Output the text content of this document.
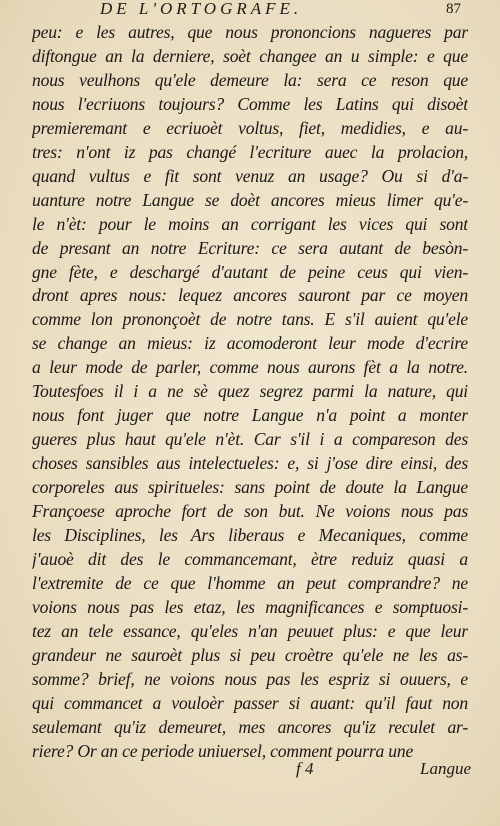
DE L'ORTOGRAFE.	87
peu: e les autres, que nous prononcions nagueres par
diftongue an la derniere, soèt changee an u simple: e que
nous veulhons qu'ele demeure la: sera ce reson que
nous l'ecriuons toujours? Comme les Latins qui disoèt
premieremant e ecriuoèt voltus, fiet, medidies, e au-
tres: n'ont iz pas changé l'ecriture auec la prolacion,
quand vultus e fit sont venuz an usage? Ou si d'a-
uanture notre Langue se doèt ancores mieus limer qu'e-
le n'èt: pour le moins an corrigant les vices qui sont
de presant an notre Ecriture: ce sera autant de besòn-
gne fète, e deschargé d'autant de peine ceus qui vien-
dront apres nous: lequez ancores sauront par ce moyen
comme lon prononçoèt de notre tans. E s'il auient qu'ele
se change an mieus: iz acomoderont leur mode d'ecrire
a leur mode de parler, comme nous aurons fèt a la notre.
Toutesfoes il i a ne sè quez segrez parmi la nature, qui
nous font juger que notre Langue n'a point a monter
gueres plus haut qu'ele n'èt. Car s'il i a compareson des
choses sansibles aus intelectueles: e, si j'ose dire einsi, des
corporeles aus spiritueles: sans point de doute la Langue
Françoese aproche fort de son but. Ne voions nous pas
les Disciplines, les Ars liberaus e Mecaniques, comme
j'auoè dit des le commancemant, ètre reduiz quasi a
l'extremite de ce que l'homme an peut comprandre? ne
voions nous pas les etaz, les magnificances e somptuosi-
tez an tele essance, qu'eles n'an peuuet plus: e que leur
grandeur ne sauroèt plus si peu croètre qu'ele ne les as-
somme? brief, ne voions nous pas les espriz si ouuers, e
qui commancet a vouloèr passer si auant: qu'il faut non
seulemant qu'iz demeuret, mes ancores qu'iz reculet ar-
riere? Or an ce periode uniuersel, comment pourra une
f 4	Langue
